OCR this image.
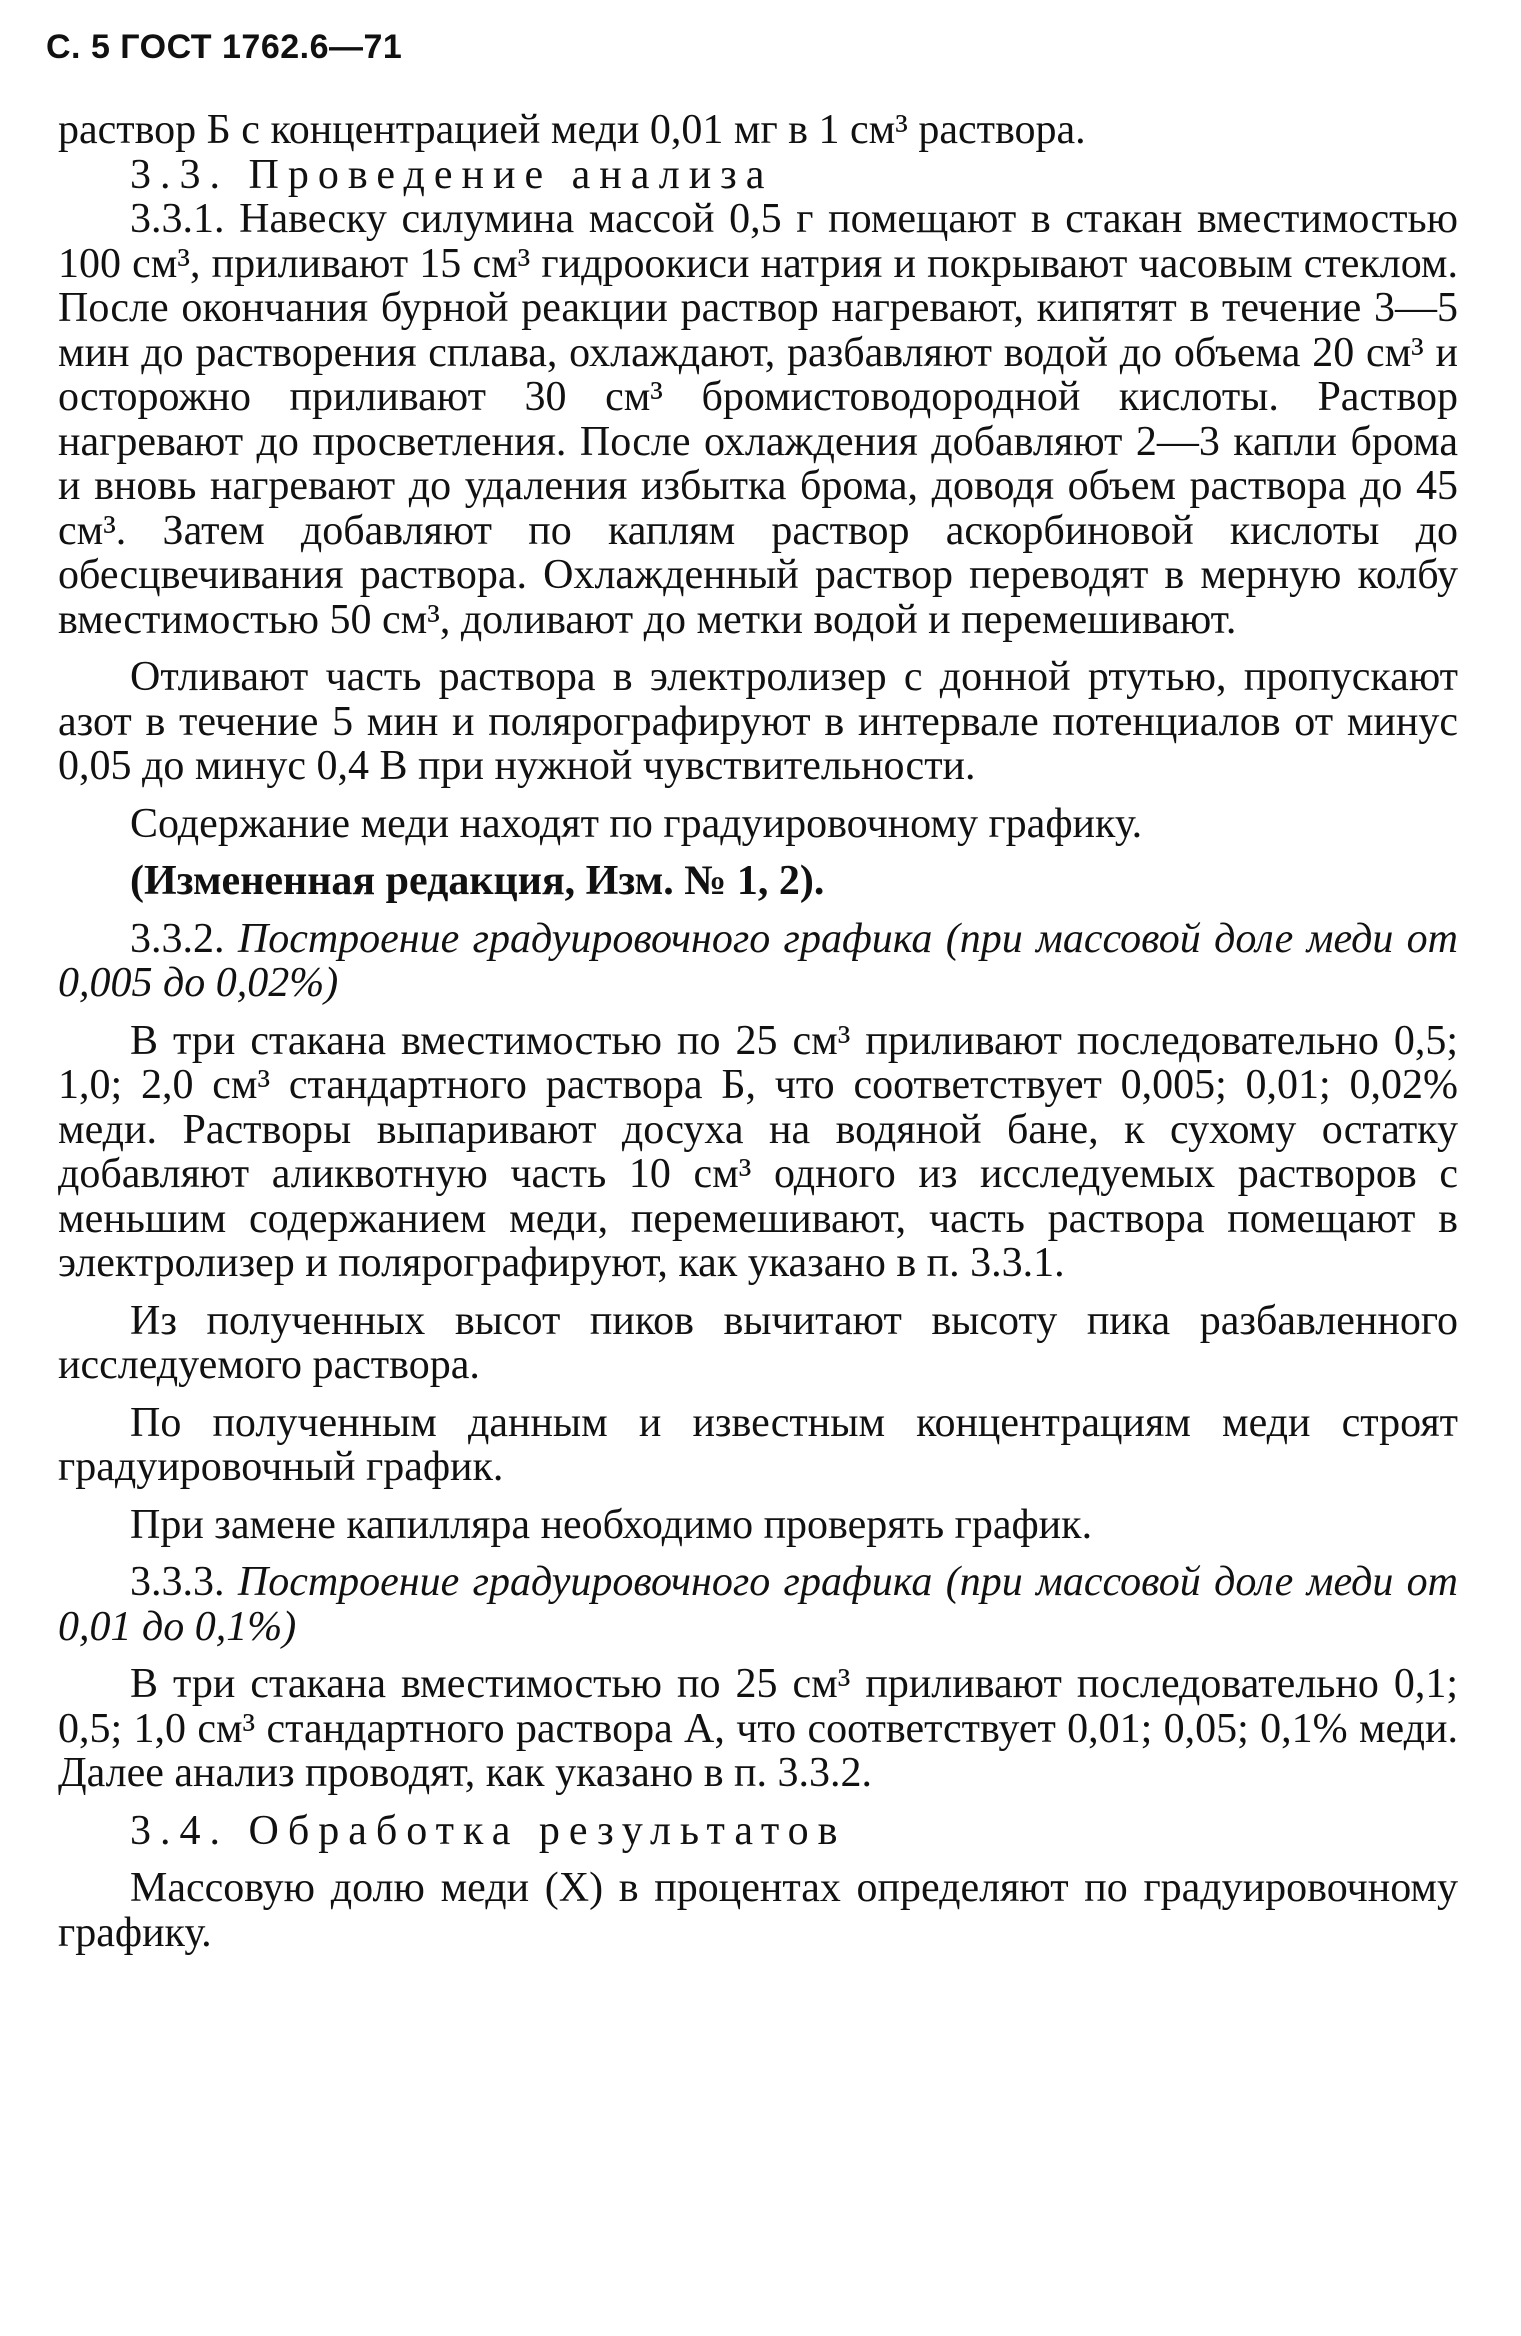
С. 5 ГОСТ 1762.6—71

раствор Б с концентрацией меди 0,01 мг в 1 см³ раствора.

3.3. Проведение анализа

3.3.1. Навеску силумина массой 0,5 г помещают в стакан вместимостью 100 см³, приливают 15 см³ гидроокиси натрия и покрывают часовым стеклом. После окончания бурной реакции раствор нагревают, кипятят в течение 3—5 мин до растворения сплава, охлаждают, разбавляют водой до объема 20 см³ и осторожно приливают 30 см³ бромистоводородной кислоты. Раствор нагревают до просветления. После охлаждения добавляют 2—3 капли брома и вновь нагревают до удаления избытка брома, доводя объем раствора до 45 см³. Затем добавляют по каплям раствор аскорбиновой кислоты до обесцвечивания раствора. Охлажденный раствор переводят в мерную колбу вместимостью 50 см³, доливают до метки водой и перемешивают.

Отливают часть раствора в электролизер с донной ртутью, пропускают азот в течение 5 мин и полярографируют в интервале потенциалов от минус 0,05 до минус 0,4 В при нужной чувствительности.

Содержание меди находят по градуировочному графику.

(Измененная редакция, Изм. № 1, 2).

3.3.2. Построение градуировочного графика (при массовой доле меди от 0,005 до 0,02%)

В три стакана вместимостью по 25 см³ приливают последовательно 0,5; 1,0; 2,0 см³ стандартного раствора Б, что соответствует 0,005; 0,01; 0,02% меди. Растворы выпаривают досуха на водяной бане, к сухому остатку добавляют аликвотную часть 10 см³ одного из исследуемых растворов с меньшим содержанием меди, перемешивают, часть раствора помещают в электролизер и полярографируют, как указано в п. 3.3.1.

Из полученных высот пиков вычитают высоту пика разбавленного исследуемого раствора.

По полученным данным и известным концентрациям меди строят градуировочный график.

При замене капилляра необходимо проверять график.

3.3.3. Построение градуировочного графика (при массовой доле меди от 0,01 до 0,1%)

В три стакана вместимостью по 25 см³ приливают последовательно 0,1; 0,5; 1,0 см³ стандартного раствора А, что соответствует 0,01; 0,05; 0,1% меди. Далее анализ проводят, как указано в п. 3.3.2.

3.4. Обработка результатов

Массовую долю меди (X) в процентах определяют по градуировочному графику.
